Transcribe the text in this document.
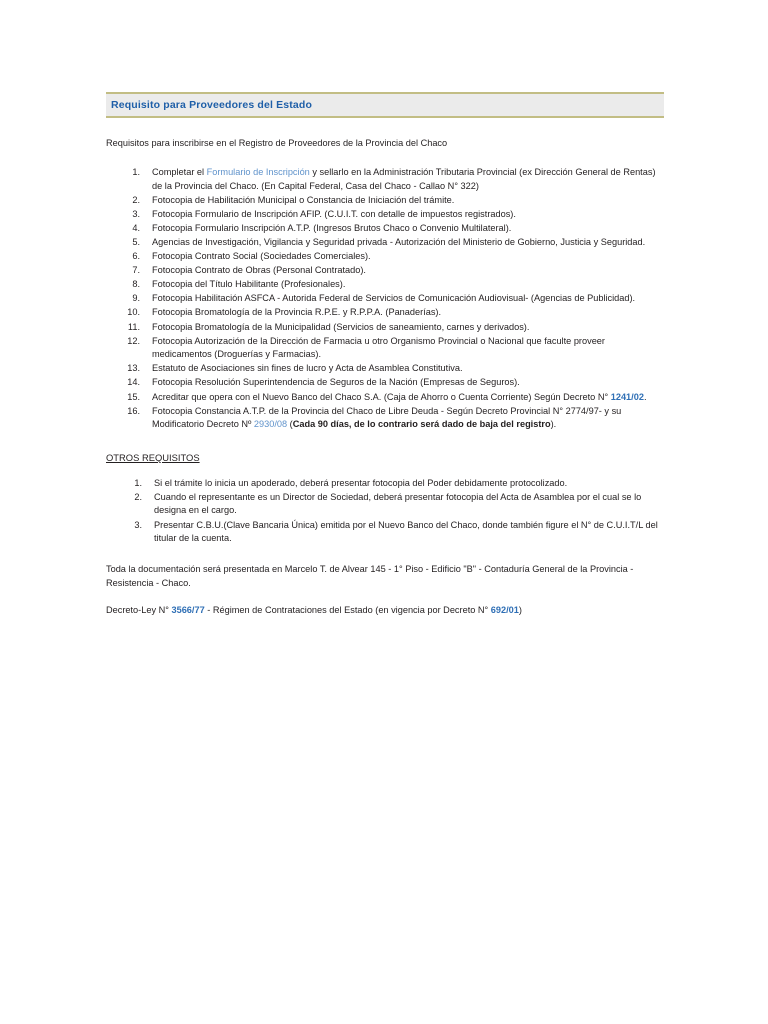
Requisito para Proveedores del Estado

Requisitos para inscribirse en el Registro de Proveedores de la Provincia del Chaco

1. Completar el Formulario de Inscripción y sellarlo en la Administración Tributaria Provincial (ex Dirección General de Rentas) de la Provincia del Chaco. (En Capital Federal, Casa del Chaco - Callao N° 322)
2. Fotocopia de Habilitación Municipal o Constancia de Iniciación del trámite.
3. Fotocopia Formulario de Inscripción AFIP. (C.U.I.T. con detalle de impuestos registrados).
4. Fotocopia Formulario Inscripción A.T.P. (Ingresos Brutos Chaco o Convenio Multilateral).
5. Agencias de Investigación, Vigilancia y Seguridad privada - Autorización del Ministerio de Gobierno, Justicia y Seguridad.
6. Fotocopia Contrato Social (Sociedades Comerciales).
7. Fotocopia Contrato de Obras (Personal Contratado).
8. Fotocopia del Título Habilitante (Profesionales).
9. Fotocopia Habilitación ASFCA - Autorida Federal de Servicios de Comunicación Audiovisual- (Agencias de Publicidad).
10. Fotocopia Bromatología de la Provincia R.P.E. y R.P.P.A. (Panaderías).
11. Fotocopia Bromatología de la Municipalidad (Servicios de saneamiento, carnes y derivados).
12. Fotocopia Autorización de la Dirección de Farmacia u otro Organismo Provincial o Nacional que faculte proveer medicamentos (Droguerías y Farmacias).
13. Estatuto de Asociaciones sin fines de lucro y Acta de Asamblea Constitutiva.
14. Fotocopia Resolución Superintendencia de Seguros de la Nación (Empresas de Seguros).
15. Acreditar que opera con el Nuevo Banco del Chaco S.A. (Caja de Ahorro o Cuenta Corriente) Según Decreto N° 1241/02.
16. Fotocopia Constancia A.T.P. de la Provincia del Chaco de Libre Deuda - Según Decreto Provincial N° 2774/97- y su Modificatorio Decreto Nº 2930/08 (Cada 90 días, de lo contrario será dado de baja del registro).
OTROS REQUISITOS
1. Si el trámite lo inicia un apoderado, deberá presentar fotocopia del Poder debidamente protocolizado.
2. Cuando el representante es un Director de Sociedad, deberá presentar fotocopia del Acta de Asamblea por el cual se lo designa en el cargo.
3. Presentar C.B.U.(Clave Bancaria Única) emitida por el Nuevo Banco del Chaco, donde también figure el N° de C.U.I.T/L del titular de la cuenta.

Toda la documentación será presentada en Marcelo T. de Alvear 145 - 1° Piso - Edificio "B" - Contaduría General de la Provincia - Resistencia - Chaco.

Decreto-Ley N° 3566/77 - Régimen de Contrataciones del Estado (en vigencia por Decreto N° 692/01)
